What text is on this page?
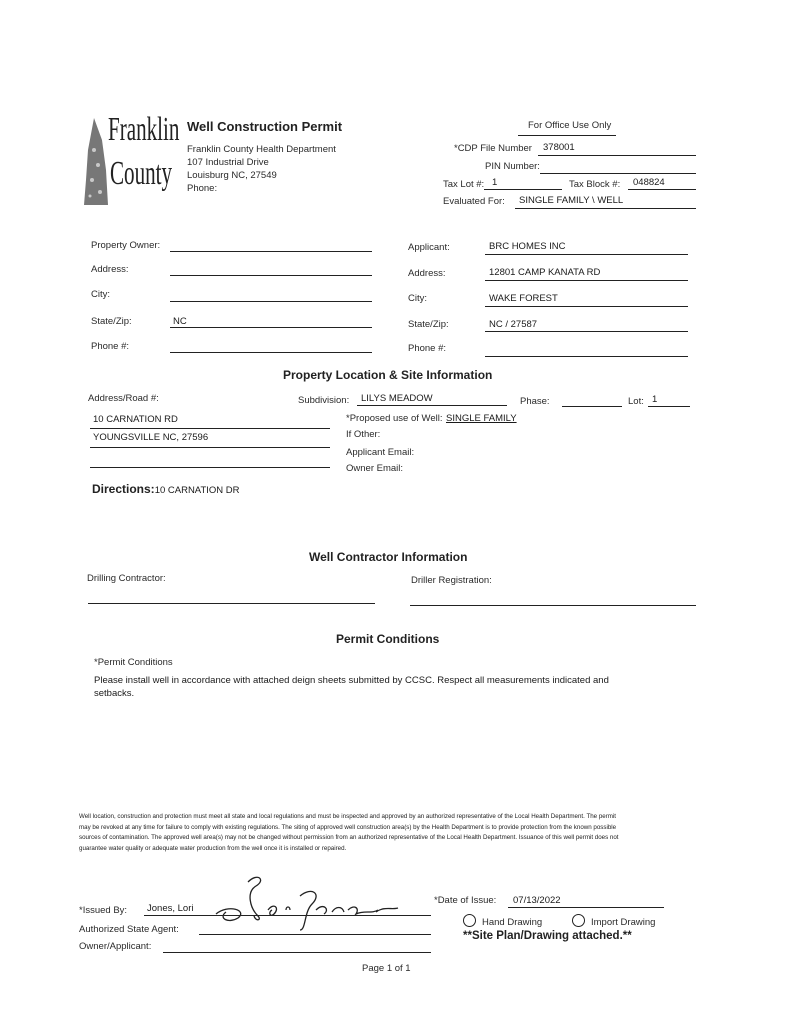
Franklin
County
Well Construction Permit
Franklin County Health Department
107 Industrial Drive
Louisburg NC, 27549
Phone:
For Office Use Only
*CDP File Number 378001
PIN Number:
Tax Lot #: 1	Tax Block #: 048824
Evaluated For: SINGLE FAMILY \ WELL
Property Owner:
Address:
City:
State/Zip:	NC
Phone #:
Applicant:	BRC HOMES INC
Address:	12801 CAMP KANATA RD
City:	WAKE FOREST
State/Zip:	NC / 27587
Phone #:
Property Location & Site Information
Address/Road #:
10 CARNATION RD
YOUNGSVILLE NC, 27596
Subdivision: LILYS MEADOW	Phase:	Lot: 1
*Proposed use of Well: SINGLE FAMILY
If Other:
Applicant Email:
Owner Email:
Directions:10 CARNATION DR
Well Contractor Information
Drilling Contractor:	Driller Registration:
Permit Conditions
*Permit Conditions
Please install well in accordance with attached deign sheets submitted by CCSC. Respect all measurements indicated and setbacks.
Well location, construction and protection must meet all state and local regulations and must be inspected and approved by an authorized representative of the Local Health Department. The permit may be revoked at any time for failure to comply with existing regulations. The siting of approved well construction area(s) by the Health Department is to provide protection from the known possible sources of contamination. The approved well area(s) may not be changed without permission from an authorized representative of the Local Health Department. Issuance of this well permit does not guarantee water quality or adequate water production from the well once it is installed or repaired.
*Issued By: Jones, Lori
Authorized State Agent:
Owner/Applicant:
*Date of Issue: 07/13/2022
Hand Drawing	Import Drawing
**Site Plan/Drawing attached.**
Page 1 of 1
